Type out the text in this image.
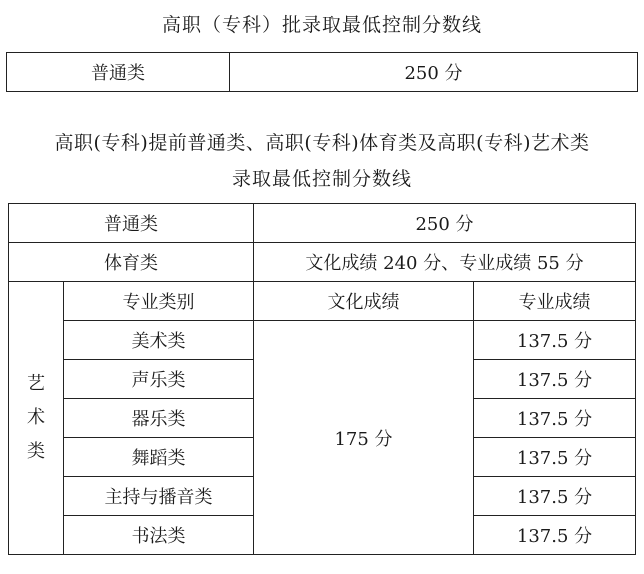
高职（专科）批录取最低控制分数线
普通类	250 分
高职(专科)提前普通类、高职(专科)体育类及高职(专科)艺术类
录取最低控制分数线
普通类		250 分	
体育类		文化成绩 240 分、专业成绩 55 分	

艺
术
类	专业类别	文化成绩	专业成绩
	美术类	175 分	137.5 分
	声乐类		137.5 分
	器乐类		137.5 分
	舞蹈类		137.5 分
	主持与播音类		137.5 分
	书法类		137.5 分
